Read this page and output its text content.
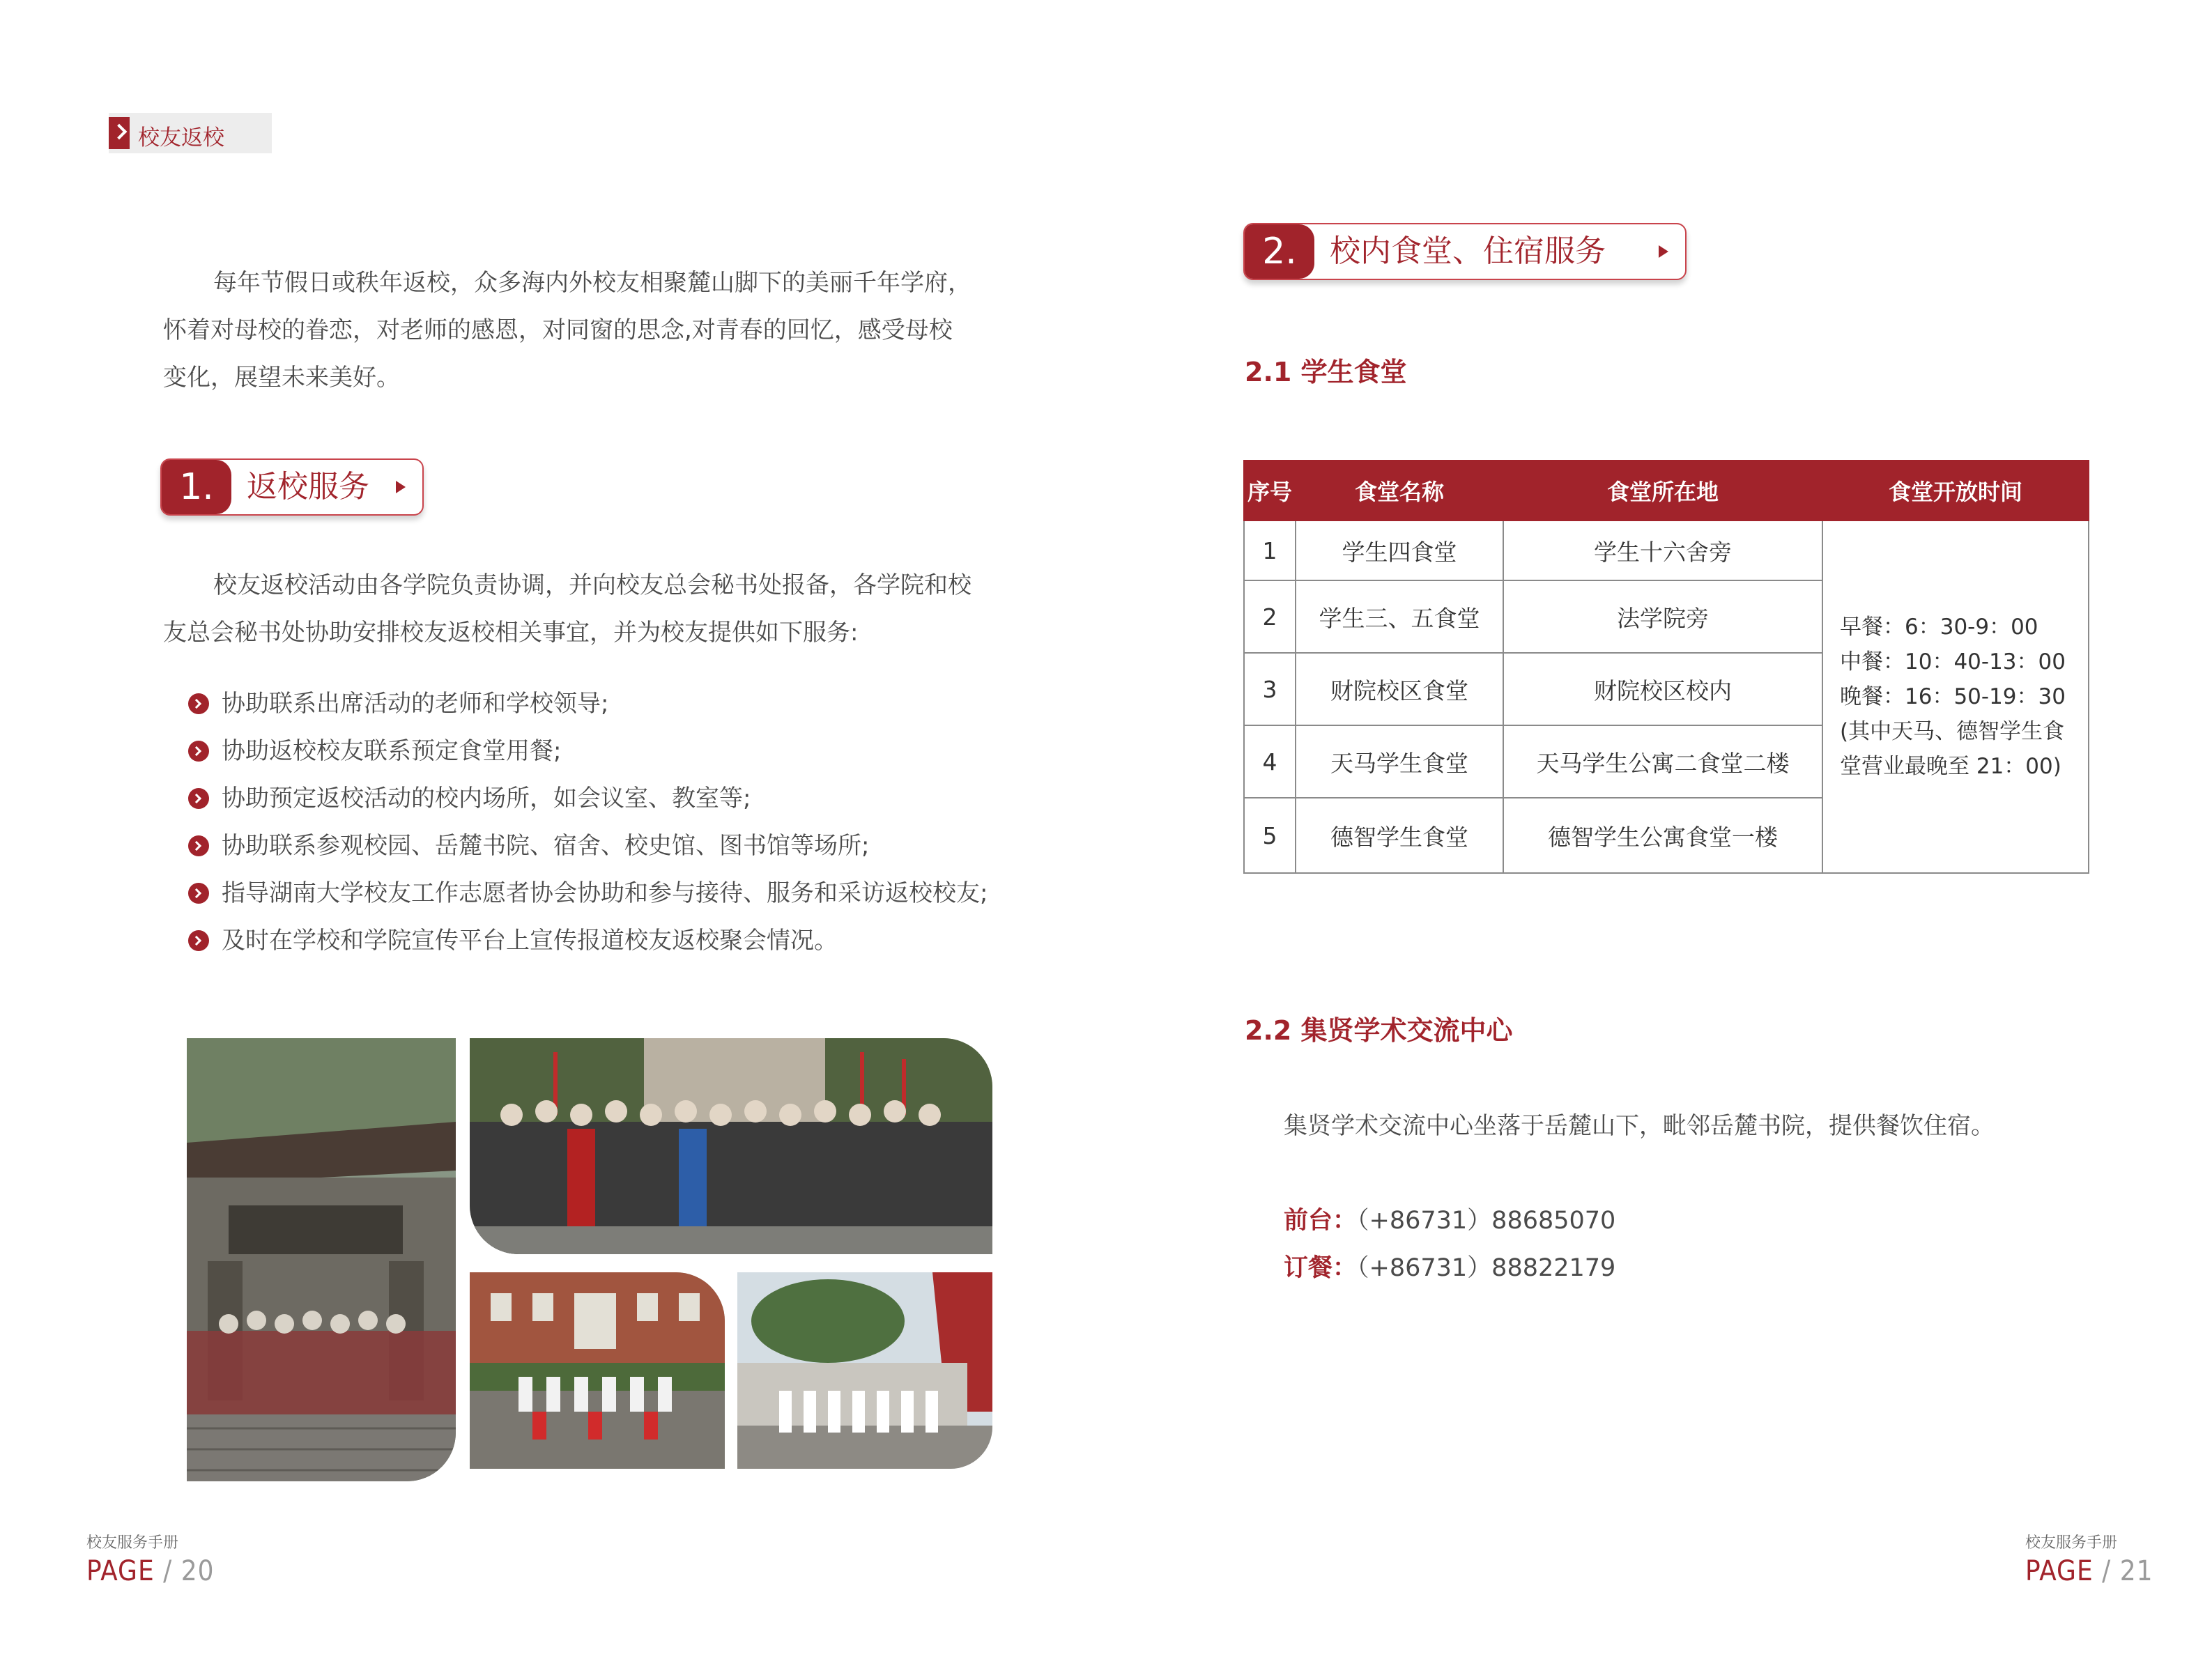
校友返校
每年节假日或秩年返校，众多海内外校友相聚麓山脚下的美丽千年学府，怀着对母校的眷恋，对老师的感恩，对同窗的思念,对青春的回忆，感受母校变化，展望未来美好。
1.	返校服务
校友返校活动由各学院负责协调，并向校友总会秘书处报备，各学院和校友总会秘书处协助安排校友返校相关事宜，并为校友提供如下服务:
协助联系出席活动的老师和学校领导;
协助返校校友联系预定食堂用餐;
协助预定返校活动的校内场所，如会议室、教室等;
协助联系参观校园、岳麓书院、宿舍、校史馆、图书馆等场所;
指导湖南大学校友工作志愿者协会协助和参与接待、服务和采访返校校友;
及时在学校和学院宣传平台上宣传报道校友返校聚会情况。
校友服务手册
PAGE / 20
2.	校内食堂、住宿服务
2.1 学生食堂
序号	食堂名称	食堂所在地	食堂开放时间
1	学生四食堂	学生十六舍旁	早餐：6：30-9：00
中餐：10：40-13：00
晚餐：16：50-19：30
(其中天马、德智学生食
堂营业最晚至 21：00)

2	学生三、五食堂	法学院旁	
3	财院校区食堂	财院校区校内	
4	天马学生食堂	天马学生公寓二食堂二楼	
5	德智学生食堂	德智学生公寓食堂一楼	
2.2 集贤学术交流中心
集贤学术交流中心坐落于岳麓山下，毗邻岳麓书院，提供餐饮住宿。
前台：（+86731）88685070
订餐：（+86731）88822179
校友服务手册
PAGE / 21
